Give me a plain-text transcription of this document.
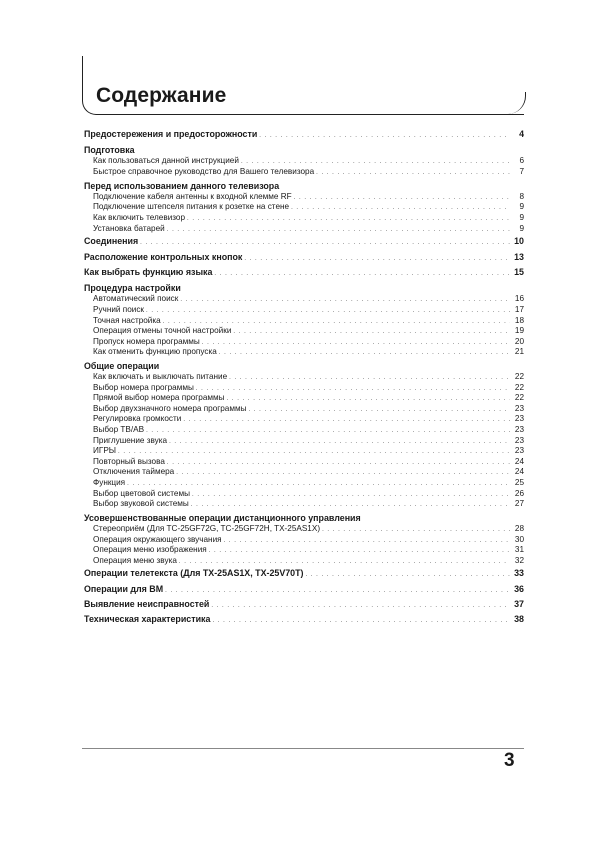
Содержание
Предостережения и предосторожности . . .	4
Подготовка
Как пользоваться данной инструкцией . . .	6
Быстрое справочное руководство для Вашего телевизора . . .	7
Перед использованием данного телевизора
Подключение кабеля антенны к входной клемме RF . . .	8
Подключение штепселя питания к розетке на стене . . .	9
Как включить телевизор . . .	9
Установка батарей . . .	9
Соединения . . .	10
Расположение контрольных кнопок . . .	13
Как выбрать функцию языка . . .	15
Процедура настройки
Автоматический поиск . . .	16
Ручний поиск . . .	17
Точная настройка . . .	18
Операция отмены точной настройки . . .	19
Пропуск номера программы . . .	20
Как отменить функцию пропуска . . .	21
Общие операции
Как включать и выключать питание . . .	22
Выбор номера программы . . .	22
Прямой выбор номера программы . . .	22
Выбор двухзначного номера программы . . .	23
Регулировка громкости . . .	23
Выбор ТВ/АВ . . .	23
Приглушение звука . . .	23
ИГРЫ . . .	23
Повторный вызова . . .	24
Отключения таймера . . .	24
Функция . . .	25
Выбор цветовой системы . . .	26
Выбор звуковой системы . . .	27
Усовершенствованные операции дистанционного управления
Стереоприём (Для TC-25GF72G, TC-25GF72H, TX-25AS1X) . . .	28
Операция окружающего звучания . . .	30
Операция меню изображения . . .	31
Операция меню звука . . .	32
Операции телетекста (Для TX-25AS1X, TX-25V70T) . . .	33
Операции для ВМ . . .	36
Выявление неисправностей . . .	37
Техническая характеристика . . .	38
3
